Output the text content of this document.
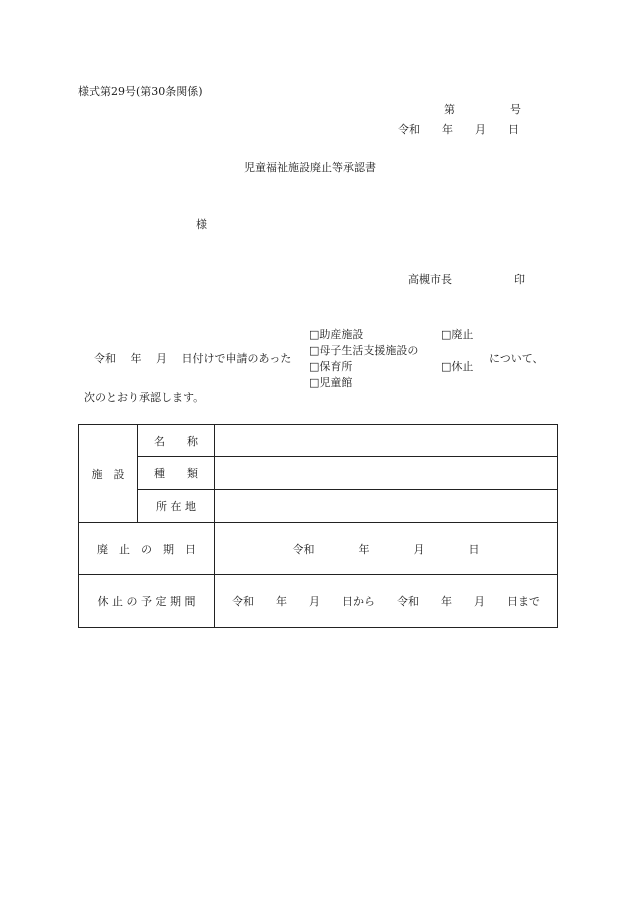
様式第29号(第30条関係)
第　　　　　号
令和　　年　　月　　日
児童福祉施設廃止等承認書
様
高槻市長	印
令和　 年 　月 　日付けで申請のあった
□助産施設
□母子生活支援施設の
□保育所
□児童館
□廃止
□休止
について、
次のとおり承認します。
施　設	名　　称	
	種　　類	
	所 在 地	
廃　止　の　期　日		令和　　　　年　　　　月　　　　日
休 止 の 予 定 期 間		令和　　年　　月　　日から　　令和　　年　　月　　日まで
